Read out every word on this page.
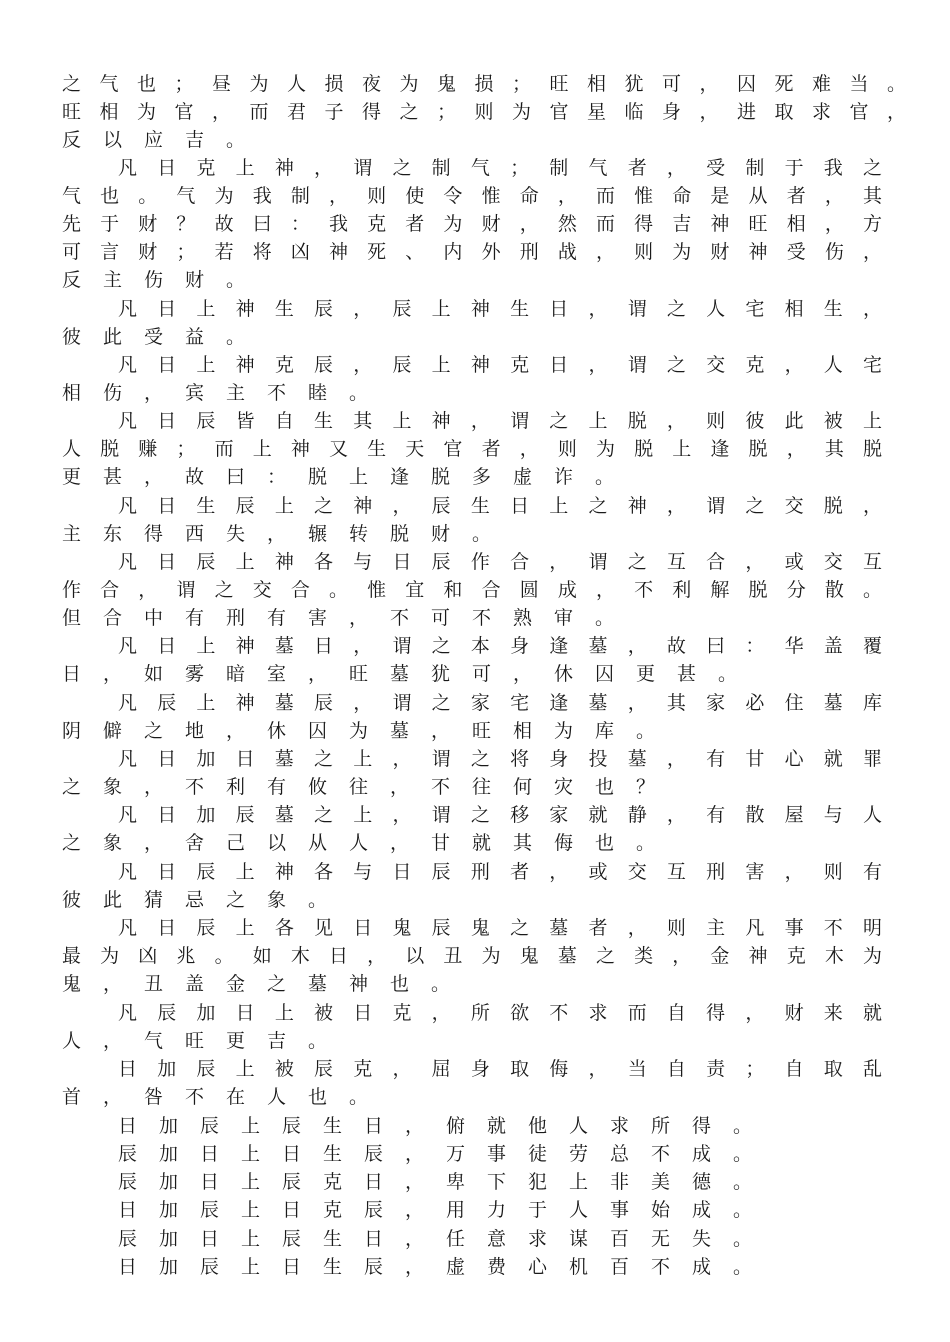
之气也；昼为人损夜为鬼损；旺相犹可，囚死难当。
旺相为官，而君子得之；则为官星临身，进取求官，
反以应吉。
凡日克上神，谓之制气；制气者，受制于我之
气也。气为我制，则使令惟命，而惟命是从者，其
先于财？故曰：我克者为财，然而得吉神旺相，方
可言财；若将凶神死、内外刑战，则为财神受伤，
反主伤财。
凡日上神生辰，辰上神生日，谓之人宅相生，
彼此受益。
凡日上神克辰，辰上神克日，谓之交克，人宅
相伤，宾主不睦。
凡日辰皆自生其上神，谓之上脱，则彼此被上
人脱赚；而上神又生天官者，则为脱上逢脱，其脱
更甚，故曰：脱上逢脱多虚诈。
凡日生辰上之神，辰生日上之神，谓之交脱，
主东得西失，辗转脱财。
凡日辰上神各与日辰作合，谓之互合，或交互
作合，谓之交合。惟宜和合圆成，不利解脱分散。
但合中有刑有害，不可不熟审。
凡日上神墓日，谓之本身逢墓，故曰：华盖覆
日，如雾暗室，旺墓犹可，休囚更甚。
凡辰上神墓辰，谓之家宅逢墓，其家必住墓库
阴僻之地，休囚为墓，旺相为库。
凡日加日墓之上，谓之将身投墓，有甘心就罪
之象，不利有攸往，不往何灾也？
凡日加辰墓之上，谓之移家就静，有散屋与人
之象，舍己以从人，甘就其侮也。
凡日辰上神各与日辰刑者，或交互刑害，则有
彼此猜忌之象。
凡日辰上各见日鬼辰鬼之墓者，则主凡事不明
最为凶兆。如木日，以丑为鬼墓之类，金神克木为
鬼，丑盖金之墓神也。
凡辰加日上被日克，所欲不求而自得，财来就
人，气旺更吉。
日加辰上被辰克，屈身取侮，当自责；自取乱
首，咎不在人也。
日加辰上辰生日，俯就他人求所得。
辰加日上日生辰，万事徒劳总不成。
辰加日上辰克日，卑下犯上非美德。
日加辰上日克辰，用力于人事始成。
辰加日上辰生日，任意求谋百无失。
日加辰上日生辰，虚费心机百不成。
